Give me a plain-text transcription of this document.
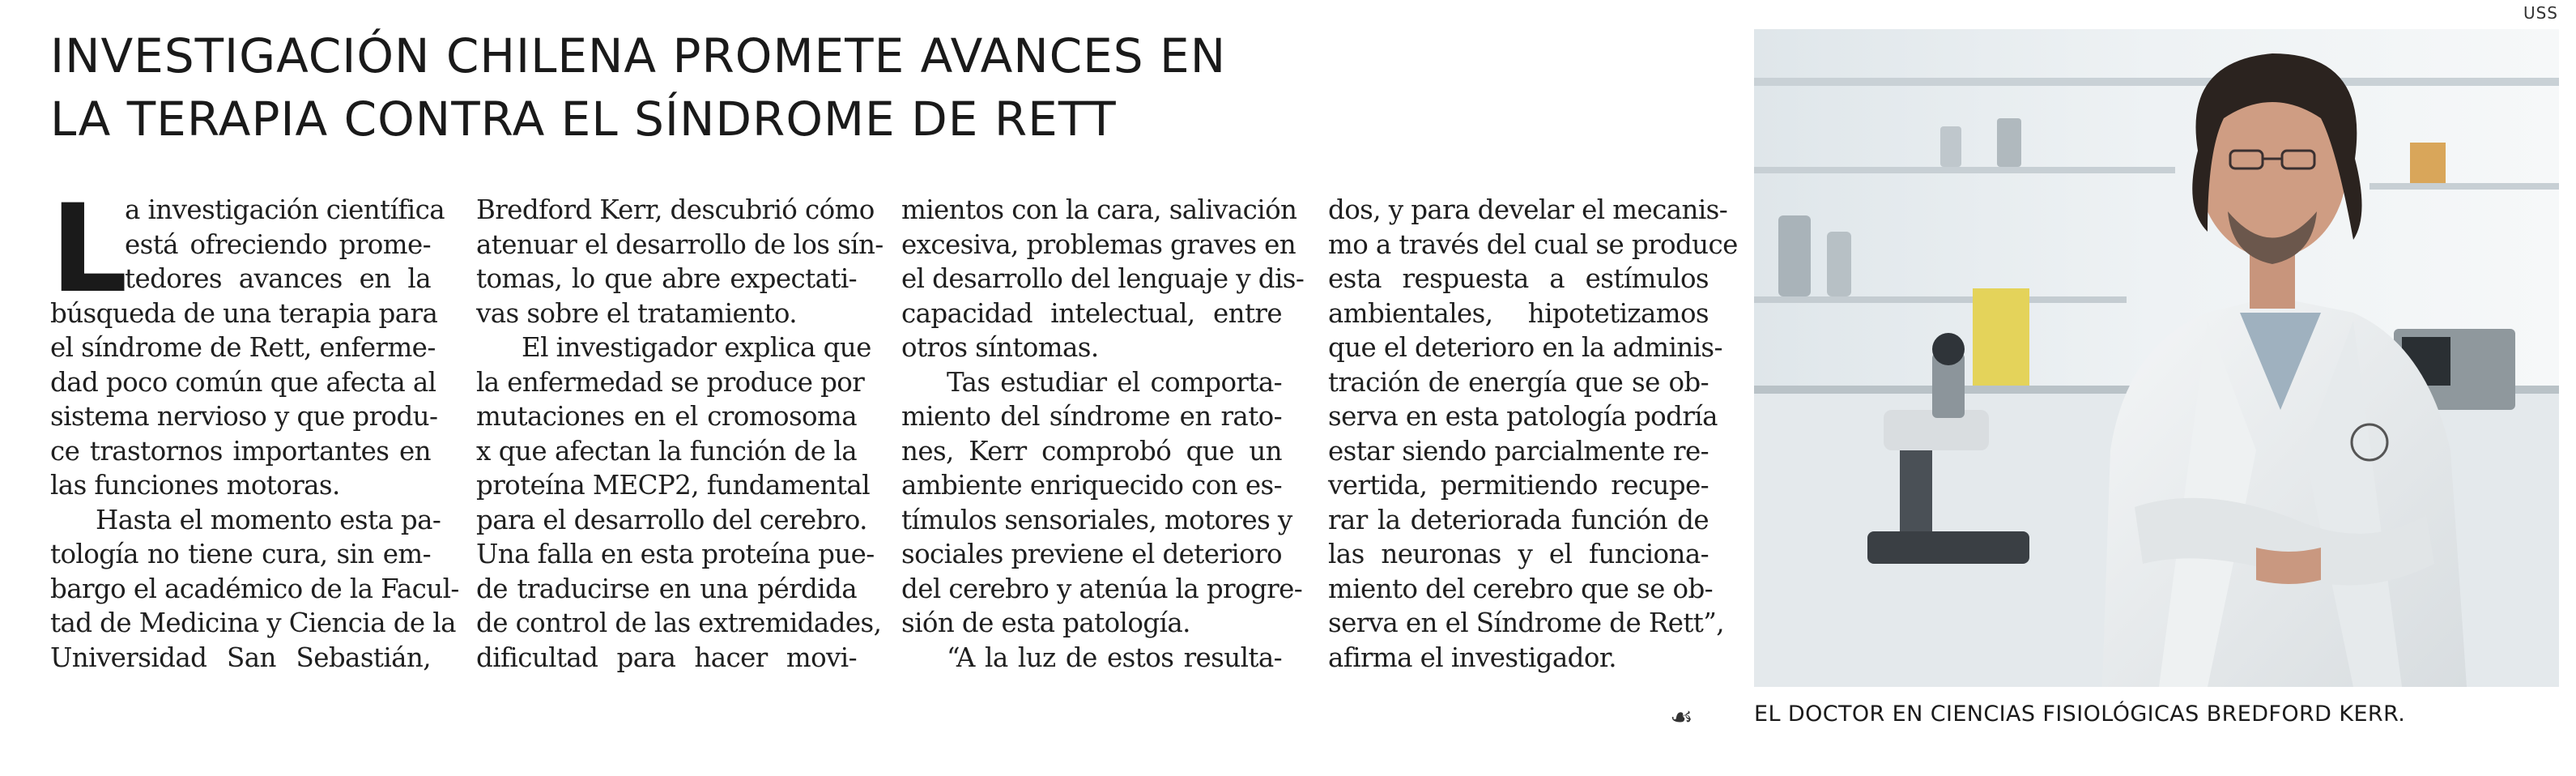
USS
INVESTIGACIÓN CHILENA PROMETE AVANCES EN
LA TERAPIA CONTRA EL SÍNDROME DE RETT
L

a investigación científica
está ofreciendo prome-
tedores avances en la
búsqueda de una terapia para
el síndrome de Rett, enfermе-
dad poco común que afecta al
sistema nervioso y que produ-
ce trastornos importantes en
las funciones motoras.

Hasta el momento esta pa-
tología no tiene cura, sin em-
bargo el académico de la Facul-
tad de Medicina y Ciencia de la
Universidad San Sebastián,

Bredford Kerr, descubrió cómo
atenuar el desarrollo de los sín-
tomas, lo que abre expectati-
vas sobre el tratamiento.

El investigador explica que
la enfermedad se produce por
mutaciones en el cromosoma
x que afectan la función de la
proteína MECP2, fundamental
para el desarrollo del cerebro.
Una falla en esta proteína pue-
de traducirse en una pérdida
de control de las extremidades,
dificultad para hacer movi-

mientos con la cara, salivación
excesiva, problemas graves en
el desarrollo del lenguaje y dis-
capacidad intelectual, entre
otros síntomas.

Tas estudiar el comporta-
miento del síndrome en rato-
nes, Kerr comprobó que un
ambiente enriquecido con es-
tímulos sensoriales, motores y
sociales previene el deterioro
del cerebro y atenúa la progre-
sión de esta patología.

“A la luz de estos resulta-

dos, y para develar el mecanis-
mo a través del cual se produce
esta respuesta a estímulos
ambientales, hipotetizamos
que el deterioro en la adminis-
tración de energía que se ob-
serva en esta patología podría
estar siendo parcialmente re-
vertida, permitiendo recupe-
rar la deteriorada función de
las neuronas y el funciona-
miento del cerebro que se ob-
serva en el Síndrome de Rett”,
afirma el investigador.

☙	EL DOCTOR EN CIENCIAS FISIOLÓGICAS BREDFORD KERR.
